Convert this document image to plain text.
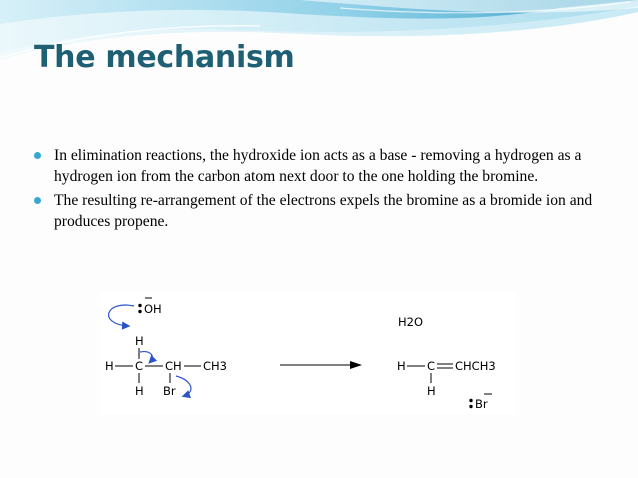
The mechanism
In elimination reactions, the hydroxide ion acts as a base - removing a hydrogen as a hydrogen ion from the carbon atom next door to the one holding the bromine.
The resulting re-arrangement of the electrons expels the bromine as a bromide ion and produces propene.
OH
H
H C CH CH3
H Br
H2O
H C CHCH3
H
Br
